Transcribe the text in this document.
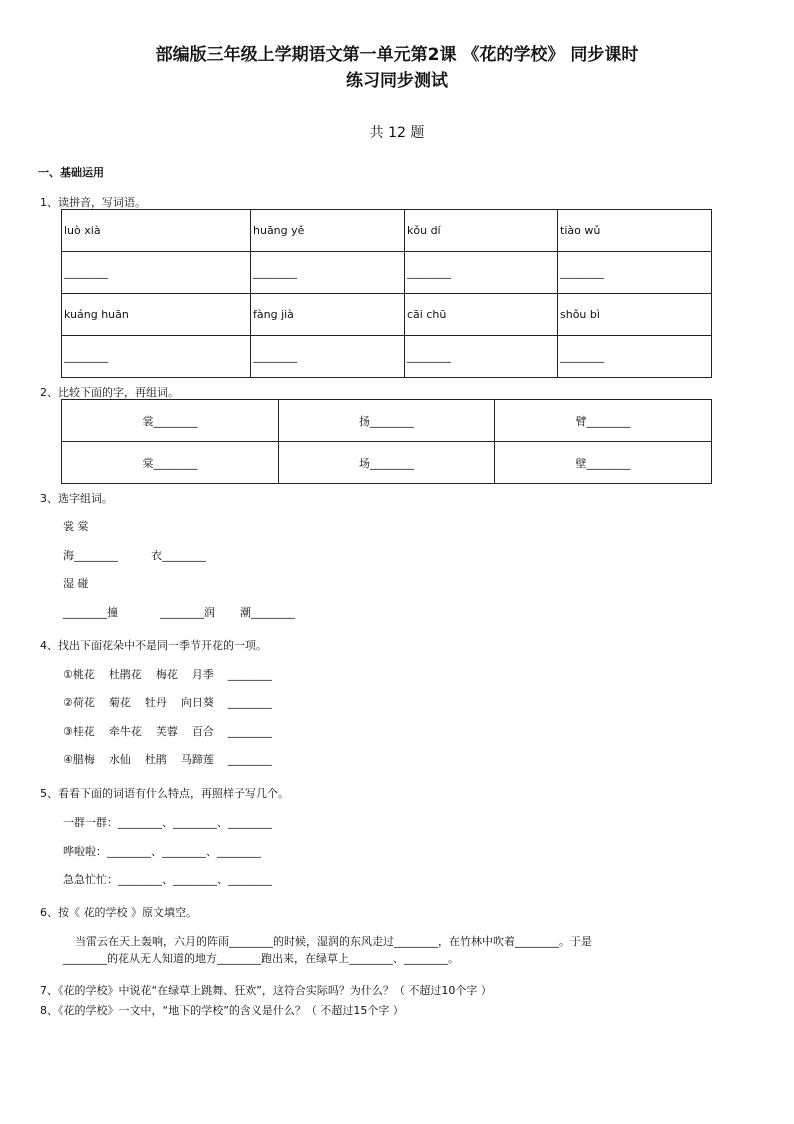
部编版三年级上学期语文第一单元第2课 《花的学校》 同步课时
练习同步测试
共 12 题
一、基础运用
1、读拼音，写词语。
luò xià	huāng yě	kǒu dí	tiào wǔ
________	________	________	________
kuáng huān	fàng jià	cāi chū	shǒu bì
________	________	________	________
2、比较下面的字，再组词。
裳________	扬________	臂________
棠________	场________	壁________
3、选字组词。
裳 棠
海________	衣________
湿 碰
________撞	________润 潮________
4、找出下面花朵中不是同一季节开花的一项。
①桃花    杜鹃花    梅花    月季    ________
②荷花    菊花    牡丹    向日葵    ________
③桂花    牵牛花    芙蓉    百合    ________
④腊梅    水仙    杜鹃    马蹄莲    ________
5、看看下面的词语有什么特点，再照样子写几个。
一群一群：________、________、________
哗啦啦：________、________、________
急急忙忙：________、________、________
6、按《 花的学校 》原文填空。
当雷云在天上轰响，六月的阵雨________的时候，湿润的东风走过________，在竹林中吹着________。于是
________的花从无人知道的地方________跑出来，在绿草上________、________。
7、《花的学校》中说花“在绿草上跳舞、狂欢”，这符合实际吗？为什么？（ 不超过10个字 ）
8、《花的学校》一文中，“地下的学校”的含义是什么？（ 不超过15个字 ）
